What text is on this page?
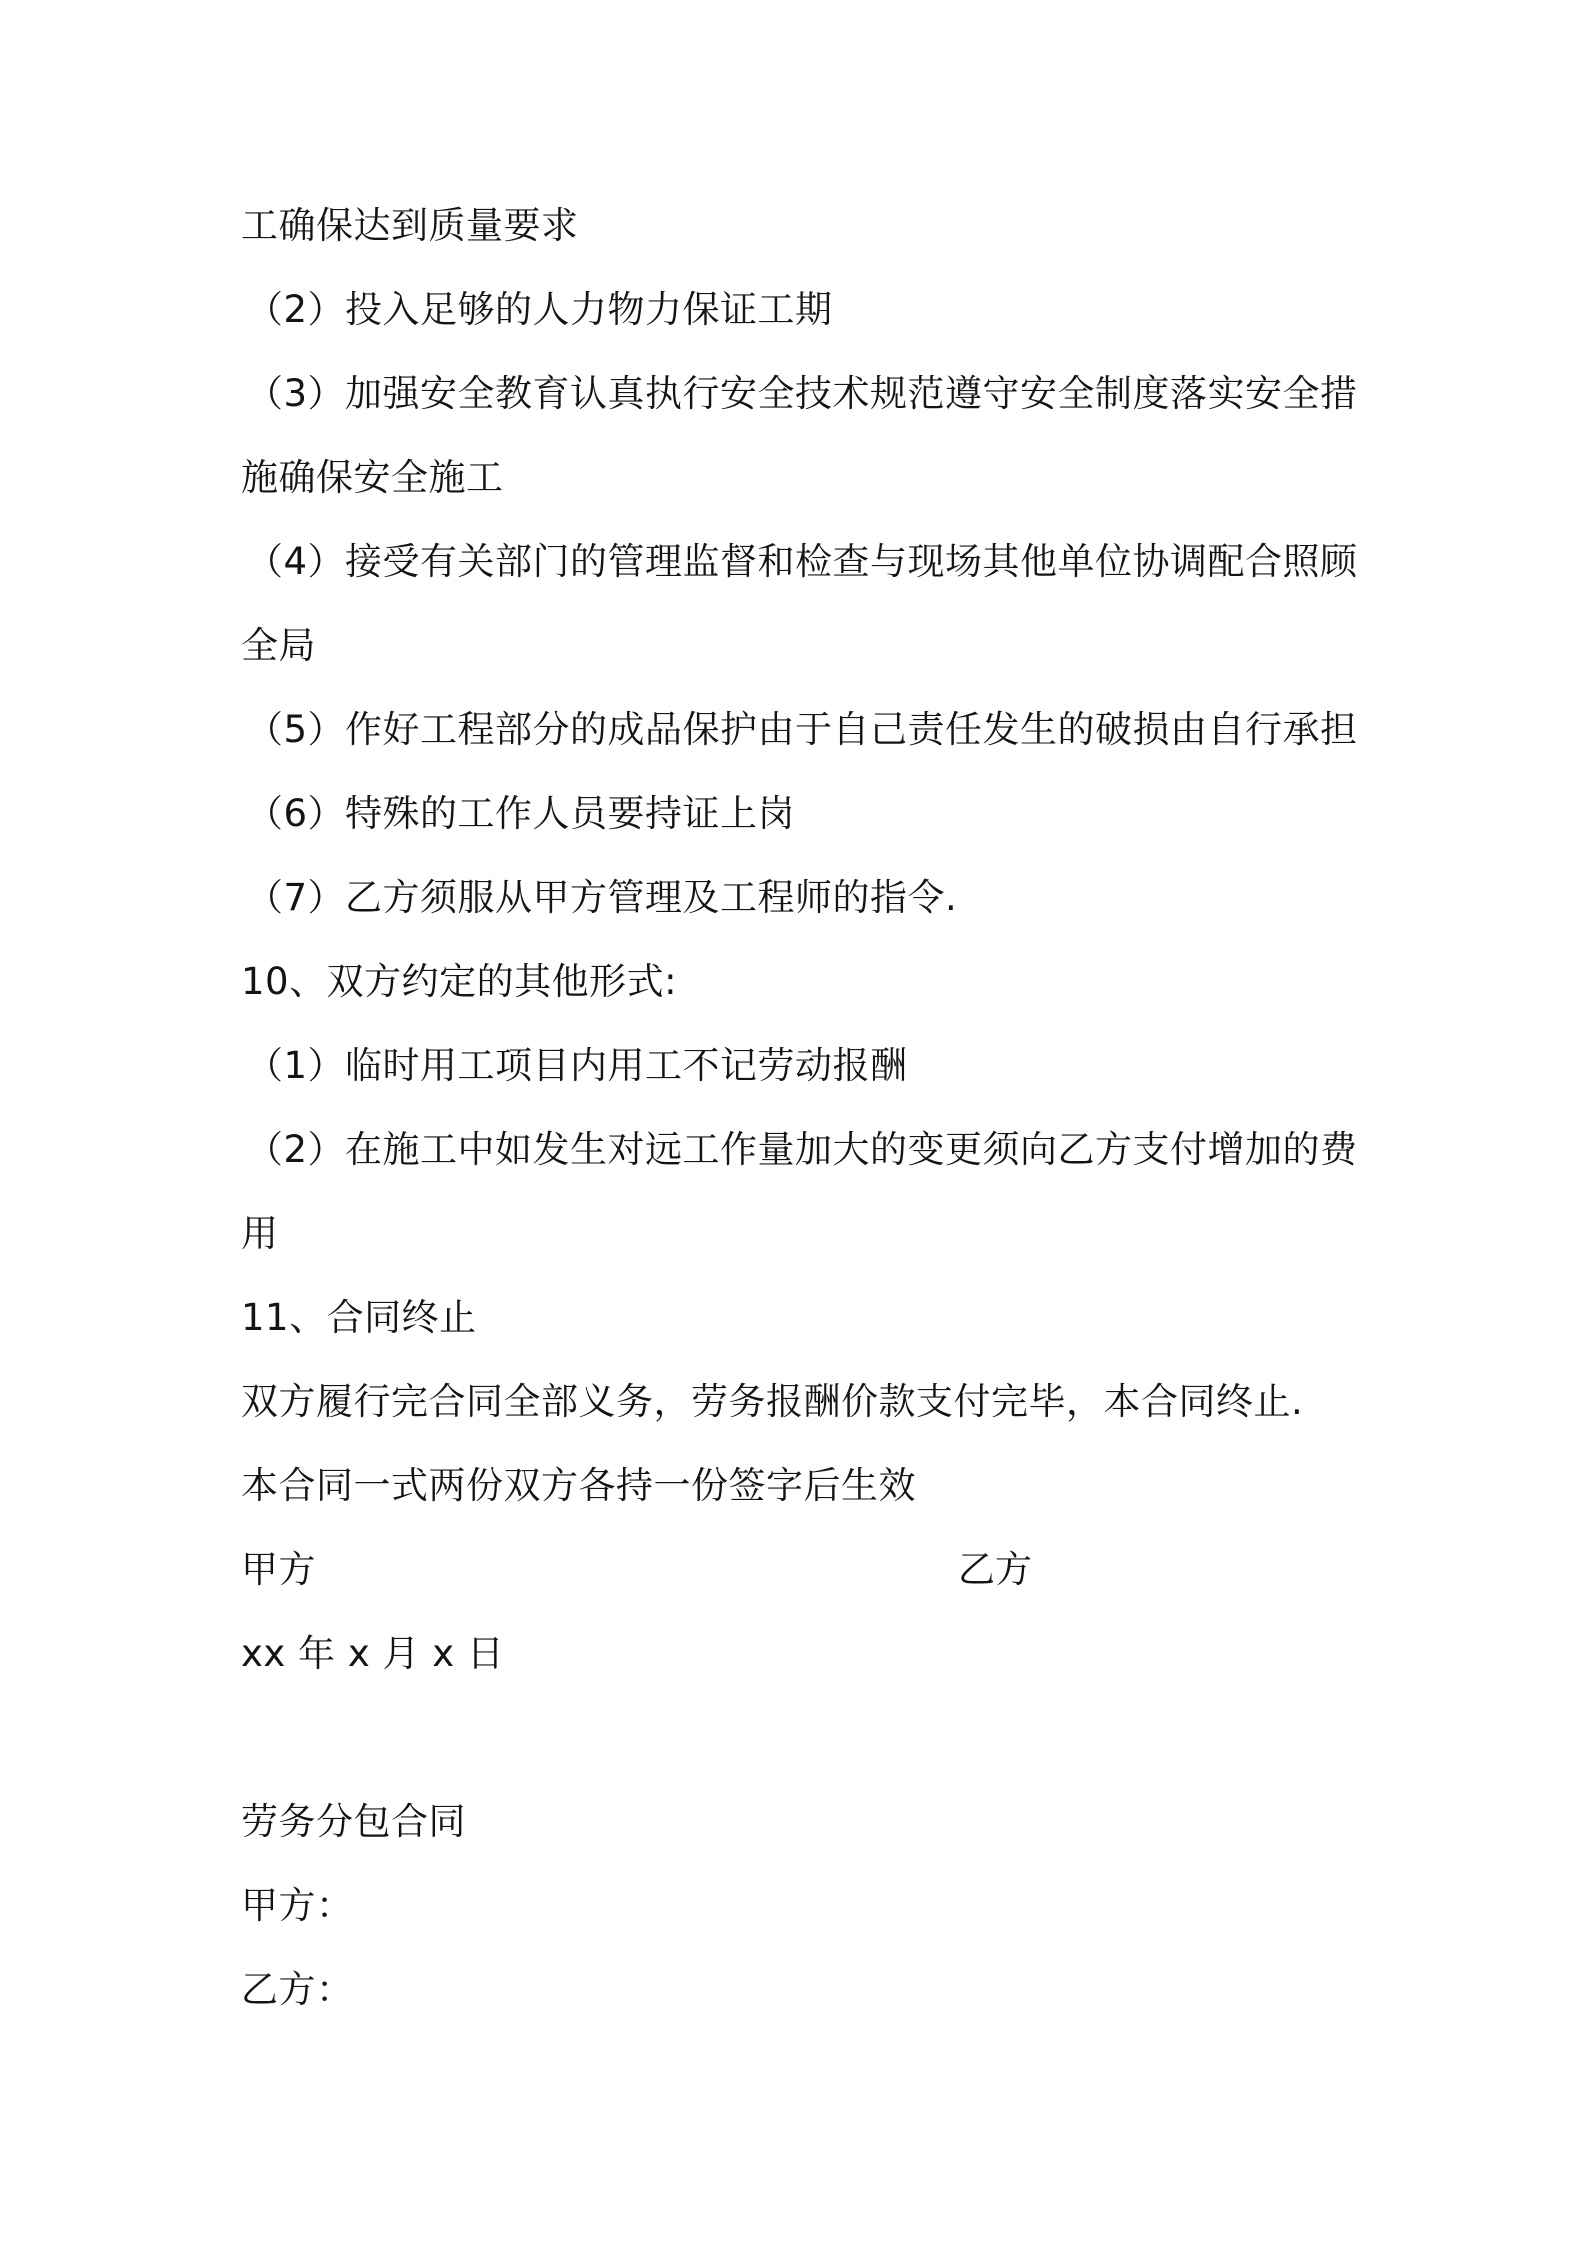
工确保达到质量要求
（2）投入足够的人力物力保证工期
（3）加强安全教育认真执行安全技术规范遵守安全制度落实安全措
施确保安全施工
（4）接受有关部门的管理监督和检查与现场其他单位协调配合照顾
全局
（5）作好工程部分的成品保护由于自己责任发生的破损由自行承担
（6）特殊的工作人员要持证上岗
（7）乙方须服从甲方管理及工程师的指令.
10、双方约定的其他形式:
（1）临时用工项目内用工不记劳动报酬
（2）在施工中如发生对远工作量加大的变更须向乙方支付增加的费
用
11、合同终止
双方履行完合同全部义务，劳务报酬价款支付完毕，本合同终止.
本合同一式两份双方各持一份签字后生效
甲方	乙方
xx 年 x 月 x 日
劳务分包合同
甲方：
乙方：
